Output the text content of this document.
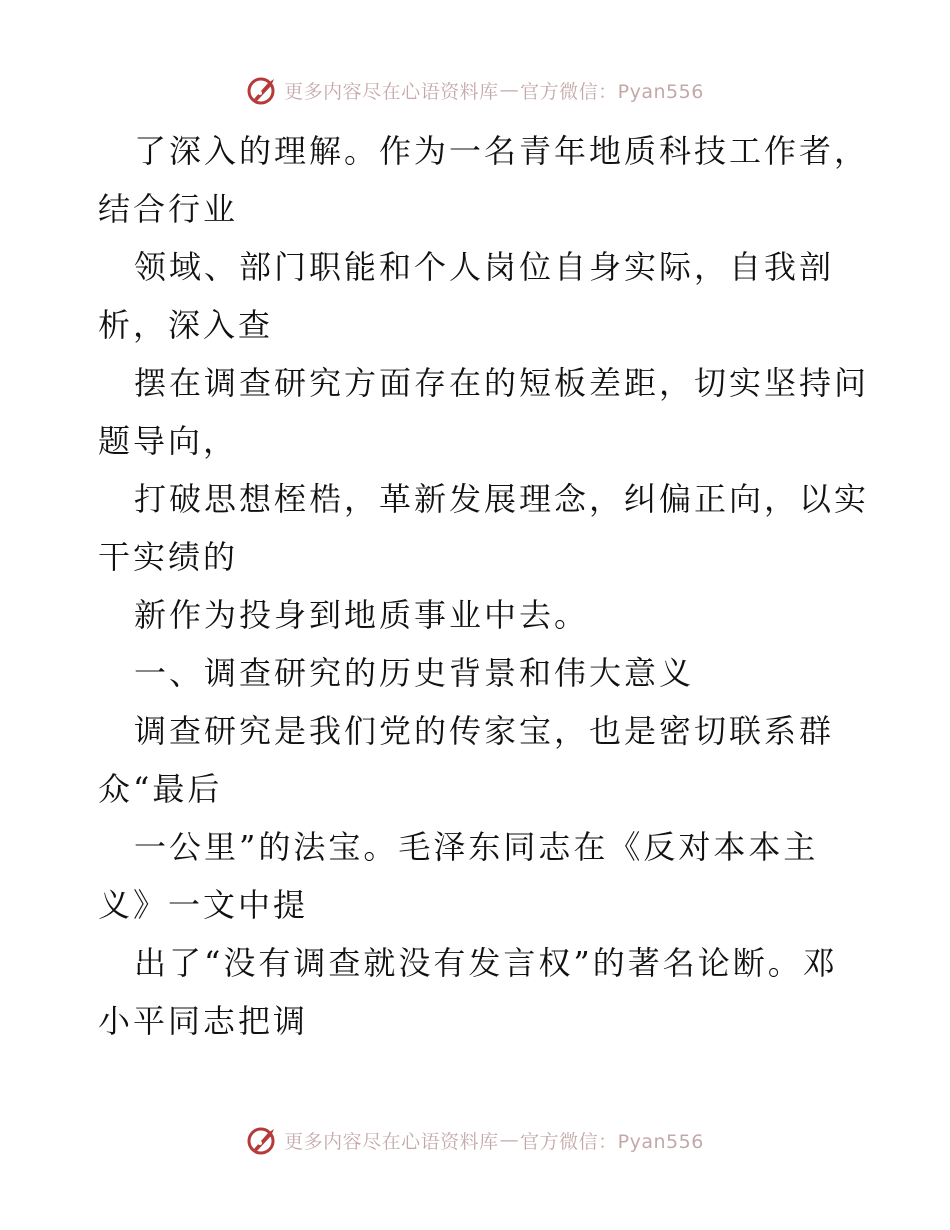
更多内容尽在心语资料库 — 官方微信：Pyan556
了深入的理解。作为一名青年地质科技工作者，
结合行业
领域、部门职能和个人岗位自身实际，自我剖
析，深入查
摆在调查研究方面存在的短板差距，切实坚持问
题导向，
打破思想桎梏，革新发展理念，纠偏正向，以实
干实绩的
新作为投身到地质事业中去。
一、调查研究的历史背景和伟大意义
调查研究是我们党的传家宝，也是密切联系群
众“最后
一公里”的法宝。毛泽东同志在《反对本本主
义》一文中提
出了“没有调查就没有发言权”的著名论断。邓
小平同志把调
更多内容尽在心语资料库 — 官方微信：Pyan556
